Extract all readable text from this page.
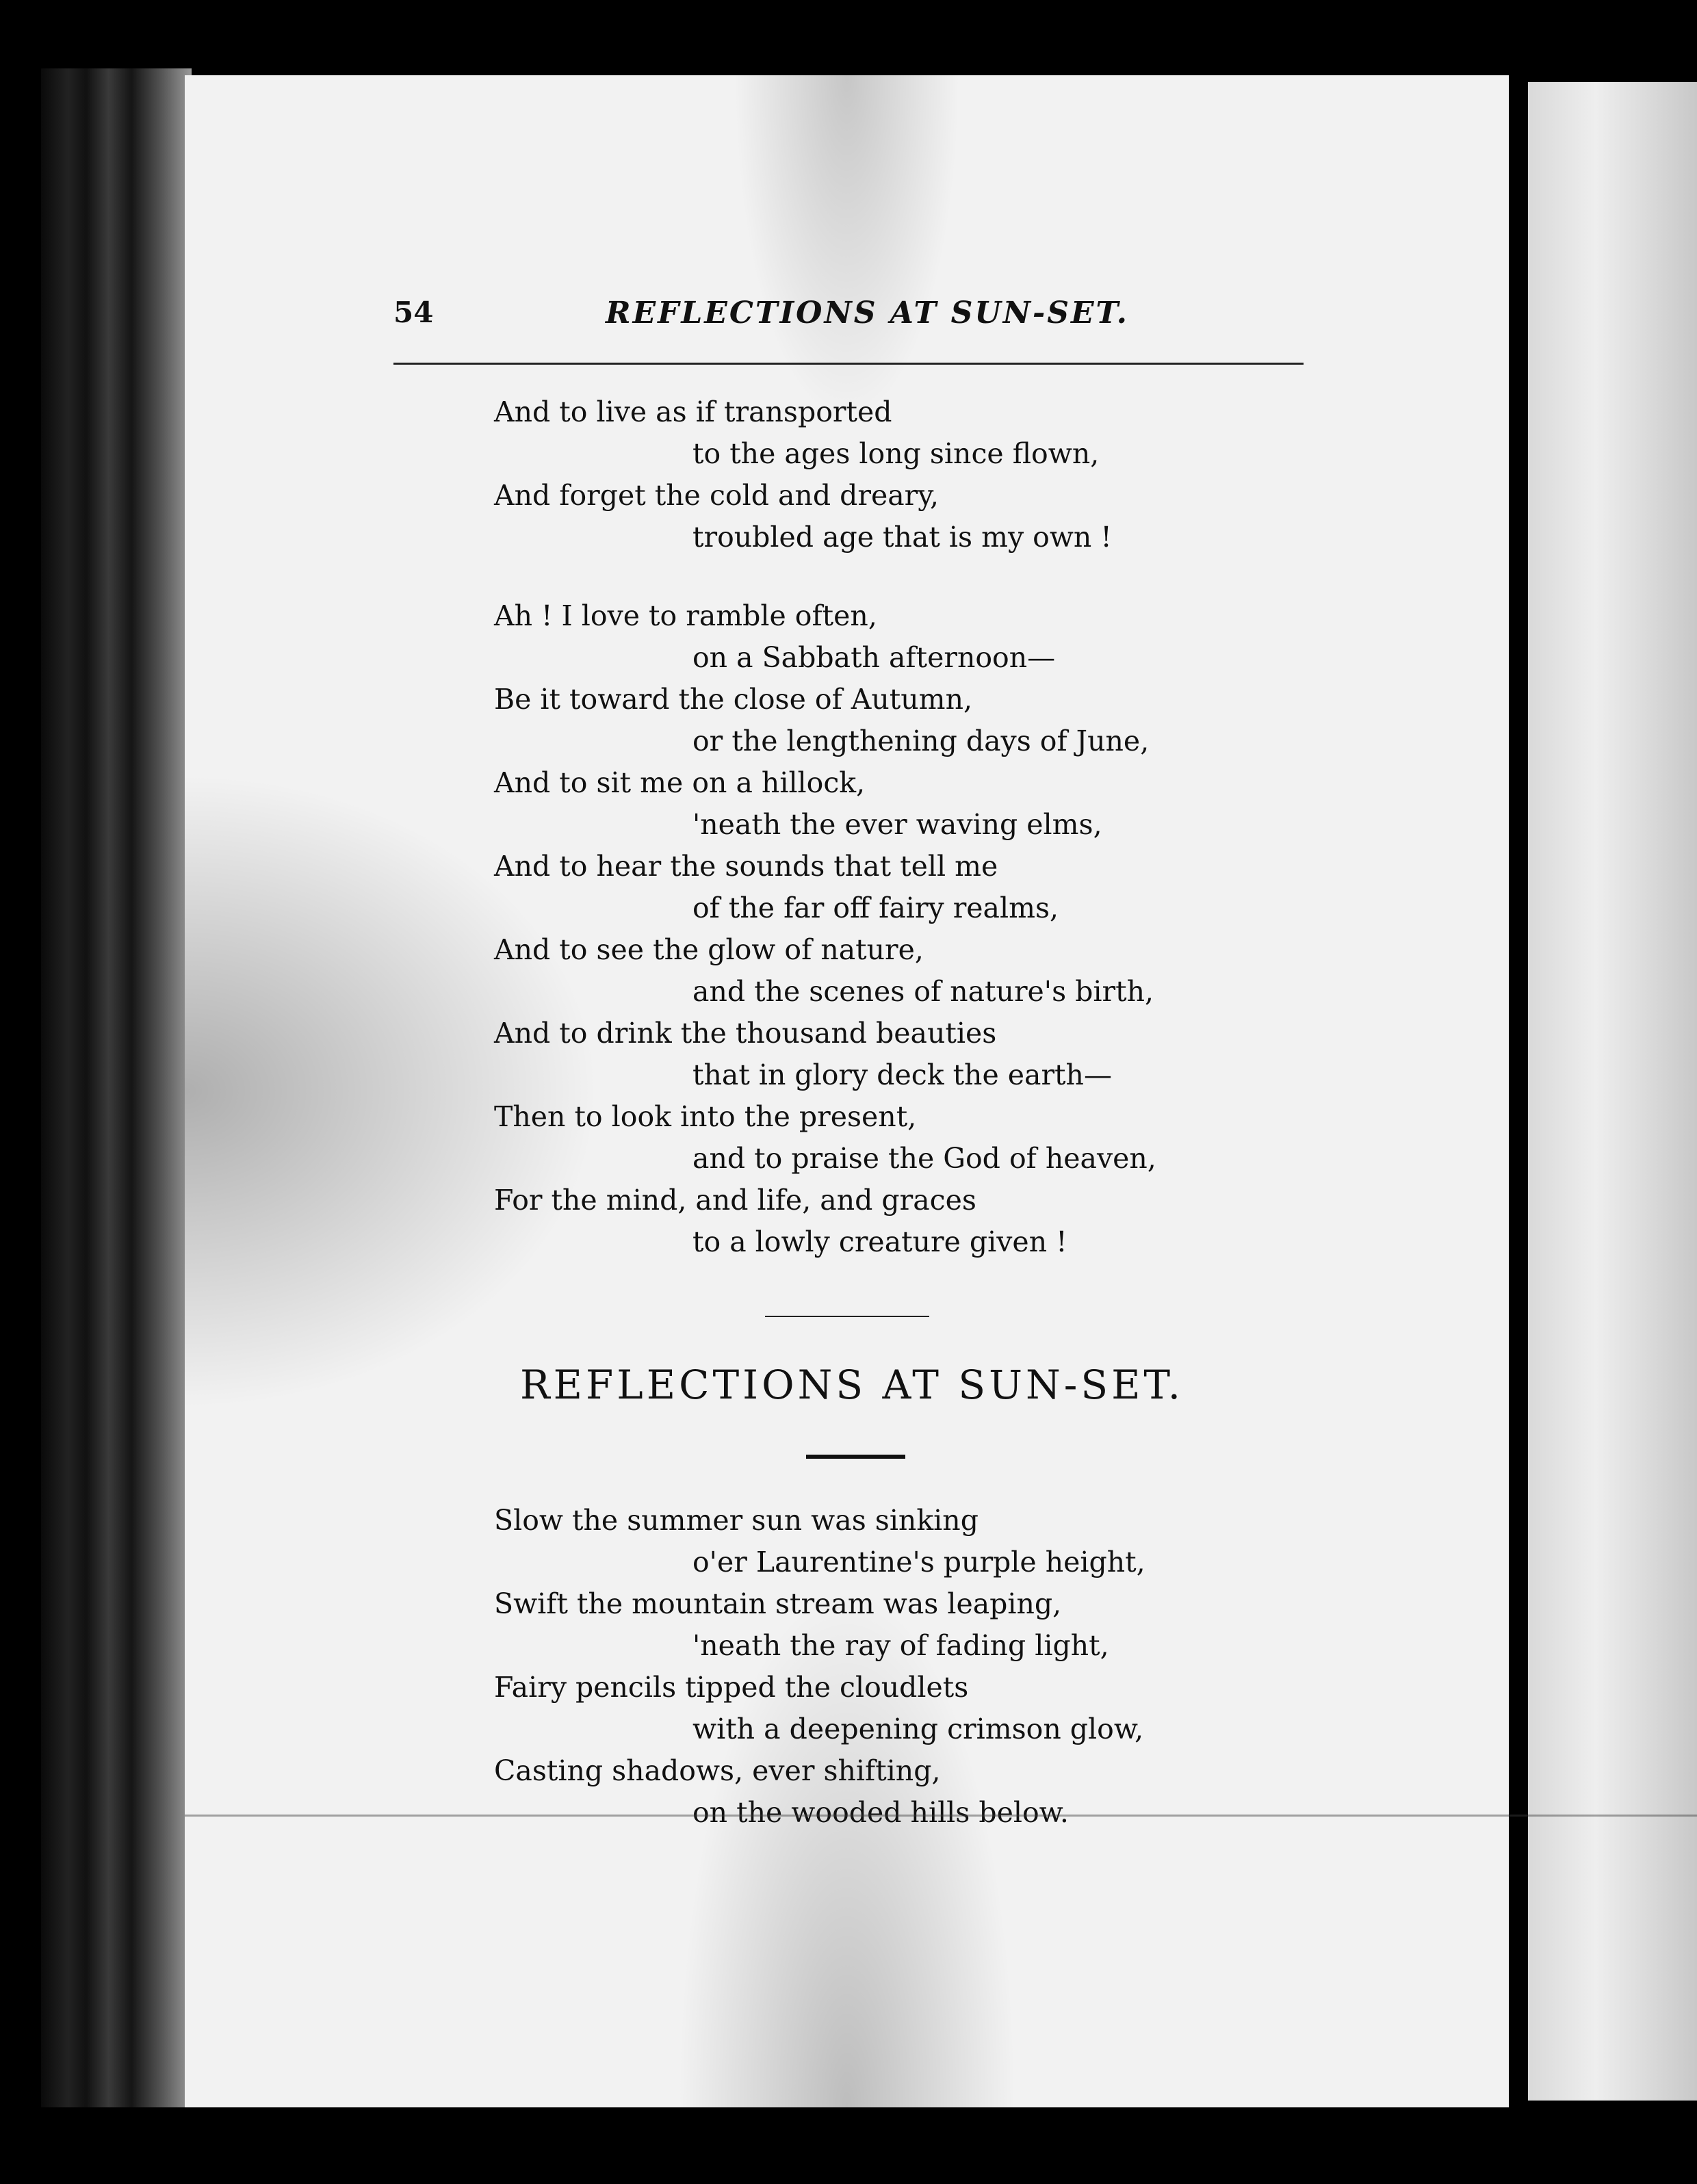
54	REFLECTIONS AT SUN-SET.
And to live as if transported
to the ages long since flown,
And forget the cold and dreary,
troubled age that is my own !
Ah ! I love to ramble often,
on a Sabbath afternoon—
Be it toward the close of Autumn,
or the lengthening days of June,
And to sit me on a hillock,
'neath the ever waving elms,
And to hear the sounds that tell me
of the far off fairy realms,
And to see the glow of nature,
and the scenes of nature's birth,
And to drink the thousand beauties
that in glory deck the earth—
Then to look into the present,
and to praise the God of heaven,
For the mind, and life, and graces
to a lowly creature given !
REFLECTIONS AT SUN-SET.
Slow the summer sun was sinking
o'er Laurentine's purple height,
Swift the mountain stream was leaping,
'neath the ray of fading light,
Fairy pencils tipped the cloudlets
with a deepening crimson glow,
Casting shadows, ever shifting,
on the wooded hills below.
